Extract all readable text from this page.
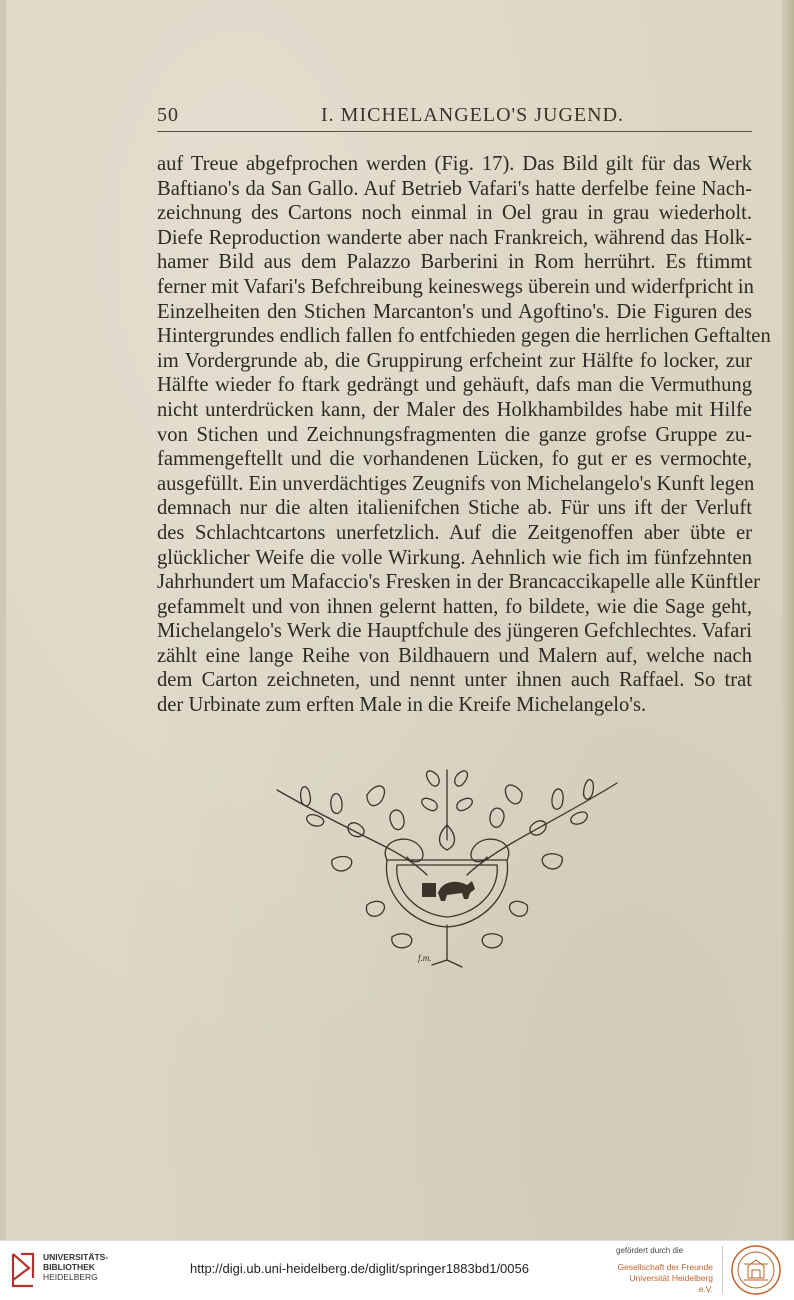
50	I. MICHELANGELO'S JUGEND.
auf Treue abgefprochen werden (Fig. 17). Das Bild gilt für das Werk
Baftiano's da San Gallo. Auf Betrieb Vafari's hatte derfelbe feine Nach-
zeichnung des Cartons noch einmal in Oel grau in grau wiederholt.
Diefe Reproduction wanderte aber nach Frankreich, während das Holk-
hamer Bild aus dem Palazzo Barberini in Rom herrührt. Es ftimmt
ferner mit Vafari's Befchreibung keineswegs überein und widerfpricht in
Einzelheiten den Stichen Marcanton's und Agoftino's. Die Figuren des
Hintergrundes endlich fallen fo entfchieden gegen die herrlichen Geftalten
im Vordergrunde ab, die Gruppirung erfcheint zur Hälfte fo locker, zur
Hälfte wieder fo ftark gedrängt und gehäuft, dafs man die Vermuthung
nicht unterdrücken kann, der Maler des Holkhambildes habe mit Hilfe
von Stichen und Zeichnungsfragmenten die ganze grofse Gruppe zu-
fammengeftellt und die vorhandenen Lücken, fo gut er es vermochte,
ausgefüllt. Ein unverdächtiges Zeugnifs von Michelangelo's Kunft legen
demnach nur die alten italienifchen Stiche ab. Für uns ift der Verluft
des Schlachtcartons unerfetzlich. Auf die Zeitgenoffen aber übte er
glücklicher Weife die volle Wirkung. Aehnlich wie fich im fünfzehnten
Jahrhundert um Mafaccio's Fresken in der Brancaccikapelle alle Künftler
gefammelt und von ihnen gelernt hatten, fo bildete, wie die Sage geht,
Michelangelo's Werk die Hauptfchule des jüngeren Gefchlechtes. Vafari
zählt eine lange Reihe von Bildhauern und Malern auf, welche nach
dem Carton zeichneten, und nennt unter ihnen auch Raffael. So trat
der Urbinate zum erften Male in die Kreife Michelangelo's.
f.m.
UNIVERSITÄTS-
BIBLIOTHEK
HEIDELBERG
http://digi.ub.uni-heidelberg.de/diglit/springer1883bd1/0056
gefördert durch die
Gesellschaft der Freunde
Universität Heidelberg e.V.
